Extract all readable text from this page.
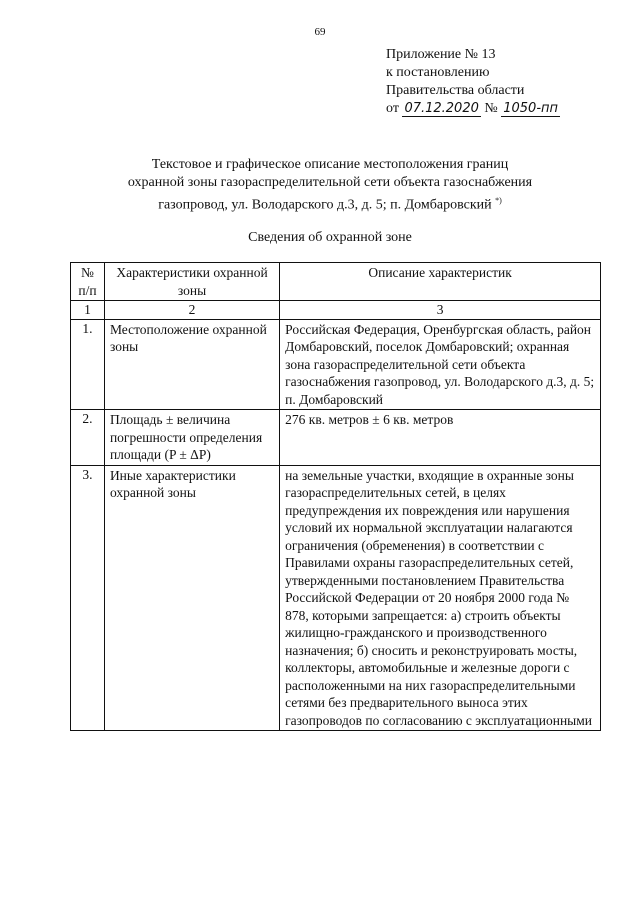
69
Приложение № 13
к постановлению
Правительства области
от 07.12.2020 № 1050-пп
Текстовое и графическое описание местоположения границ
охранной зоны газораспределительной сети объекта газоснабжения
газопровод, ул. Володарского д.3, д. 5; п. Домбаровский *)
Сведения об охранной зоне
№ п/п	Характеристики охранной зоны	Описание характеристик
1	2	3
1.	Местоположение охранной зоны	Российская Федерация, Оренбургская область, район Домбаровский, поселок Домбаровский; охранная зона газораспределительной сети объекта газоснабжения газопровод, ул. Володарского д.3, д. 5; п. Домбаровский
2.	Площадь ± величина погрешности определения площади (P ± ΔP)	276 кв. метров ± 6 кв. метров
3.	Иные характеристики охранной зоны	на земельные участки, входящие в охранные зоны газораспределительных сетей, в целях предупреждения их повреждения или нарушения условий их нормальной эксплуатации налагаются ограничения (обременения) в соответствии с Правилами охраны газораспределительных сетей, утвержденными постановлением Правительства Российской Федерации от 20 ноября 2000 года № 878, которыми запрещается: а) строить объекты жилищно-гражданского и производственного назначения; б) сносить и реконструировать мосты, коллекторы, автомобильные и железные дороги с расположенными на них газораспределительными сетями без предварительного выноса этих газопроводов по согласованию с эксплуатационными
